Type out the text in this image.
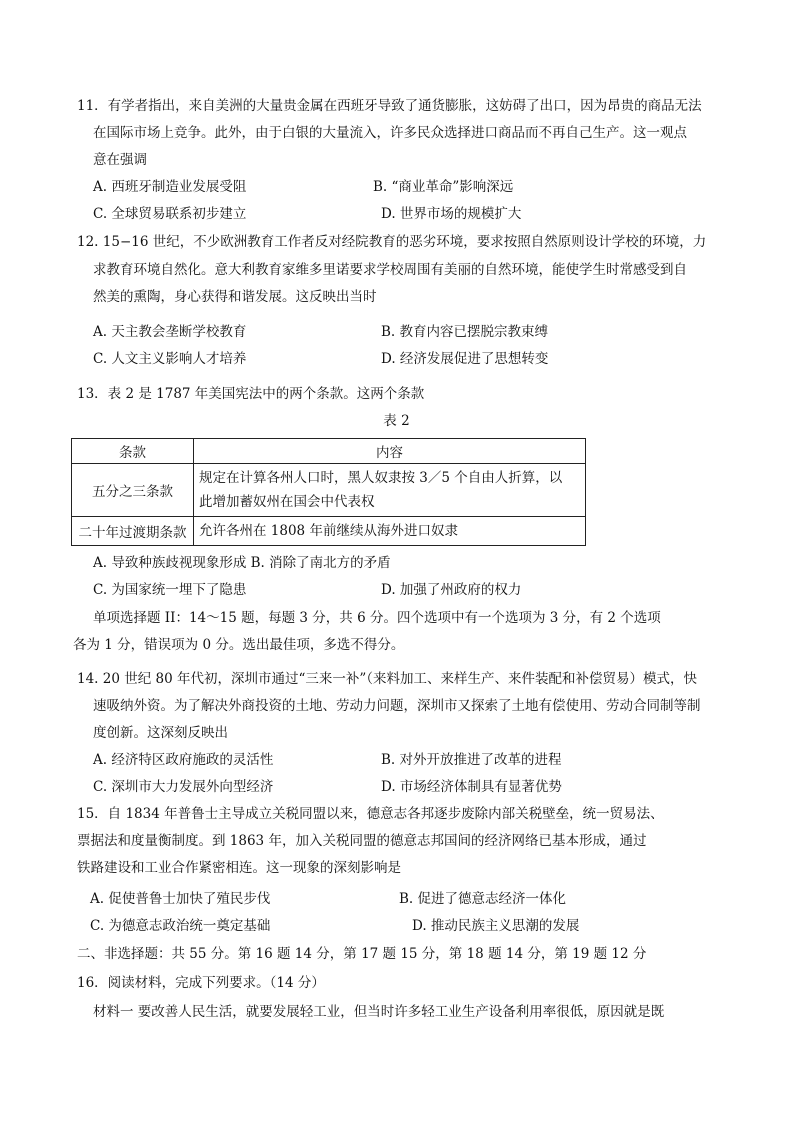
11．有学者指出，来自美洲的大量贵金属在西班牙导致了通货膨胀，这妨碍了出口，因为昂贵的商品无法
在国际市场上竞争。此外，由于白银的大量流入，许多民众选择进口商品而不再自己生产。这一观点
意在强调
A. 西班牙制造业发展受阻	B. “商业革命”影响深远
C. 全球贸易联系初步建立	D. 世界市场的规模扩大
12. 15−16 世纪，不少欧洲教育工作者反对经院教育的恶劣环境，要求按照自然原则设计学校的环境，力
求教育环境自然化。意大利教育家维多里诺要求学校周围有美丽的自然环境，能使学生时常感受到自
然美的熏陶，身心获得和谐发展。这反映出当时
A. 天主教会垄断学校教育	B. 教育内容已摆脱宗教束缚
C. 人文主义影响人才培养	D. 经济发展促进了思想转变
13．表 2 是 1787 年美国宪法中的两个条款。这两个条款
表 2
条款	内容
五分之三条款	规定在计算各州人口时，黑人奴隶按 3／5 个自由人折算，以
此增加蓄奴州在国会中代表权

二十年过渡期条款	允许各州在 1808 年前继续从海外进口奴隶
A. 导致种族歧视现象形成 B. 消除了南北方的矛盾
C. 为国家统一埋下了隐患	D. 加强了州政府的权力
单项选择题 II：14～15 题，每题 3 分，共 6 分。四个选项中有一个选项为 3 分，有 2 个选项
各为 1 分，错误项为 0 分。选出最佳项，多选不得分。
14. 20 世纪 80 年代初，深圳市通过“三来一补”（来料加工、来样生产、来件装配和补偿贸易）模式，快
速吸纳外资。为了解决外商投资的土地、劳动力问题，深圳市又探索了土地有偿使用、劳动合同制等制
度创新。这深刻反映出
A. 经济特区政府施政的灵活性	B. 对外开放推进了改革的进程
C. 深圳市大力发展外向型经济	D. 市场经济体制具有显著优势
15．自 1834 年普鲁士主导成立关税同盟以来，德意志各邦逐步废除内部关税壁垒，统一贸易法、
票据法和度量衡制度。到 1863 年，加入关税同盟的德意志邦国间的经济网络已基本形成，通过
铁路建设和工业合作紧密相连。这一现象的深刻影响是
A. 促使普鲁士加快了殖民步伐	B. 促进了德意志经济一体化
C. 为德意志政治统一奠定基础	D. 推动民族主义思潮的发展
二、非选择题：共 55 分。第 16 题 14 分，第 17 题 15 分，第 18 题 14 分，第 19 题 12 分
16．阅读材料，完成下列要求。（14 分）
材料一 要改善人民生活，就要发展轻工业，但当时许多轻工业生产设备利用率很低，原因就是既
